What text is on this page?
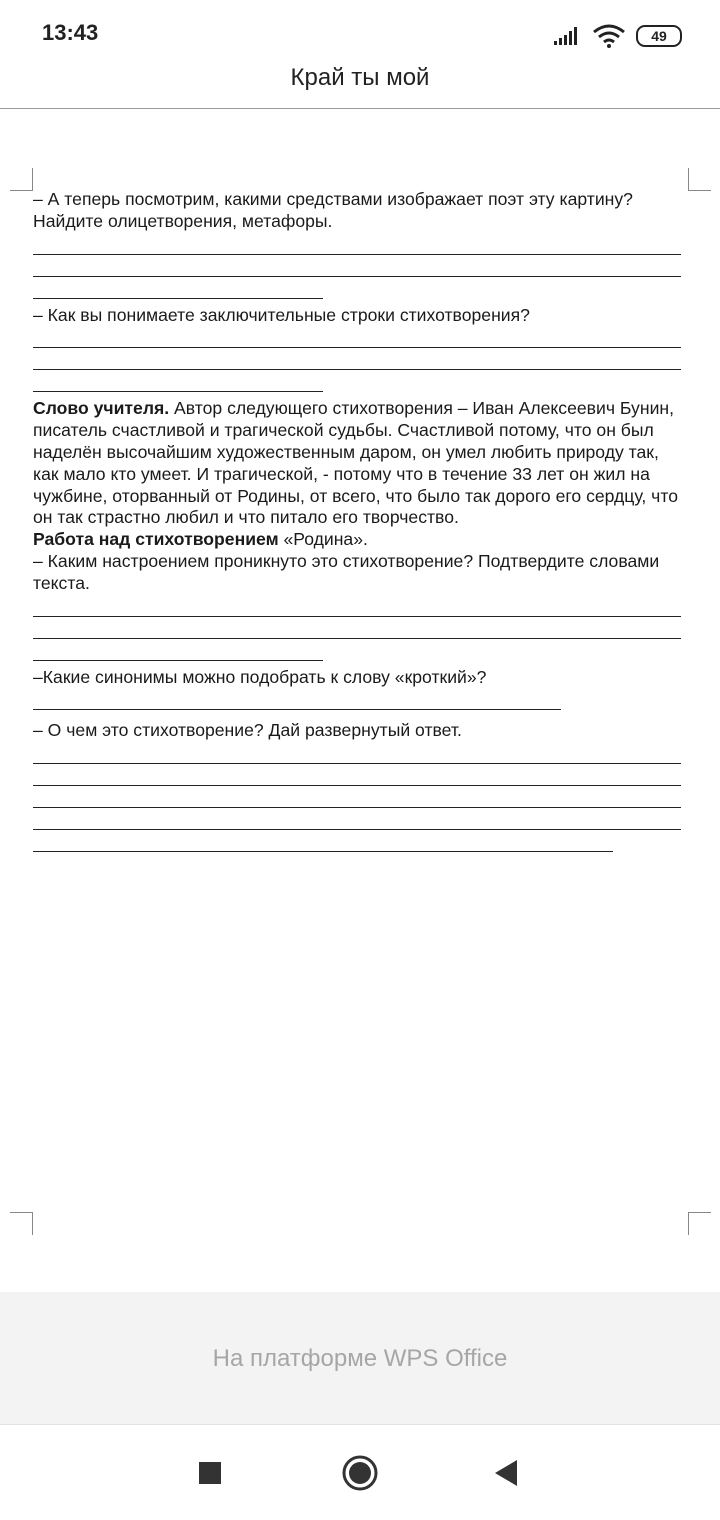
13:43	49
Край ты мой

– А теперь посмотрим, какими средствами изображает поэт эту картину? Найдите олицетворения, метафоры.

– Как вы понимаете заключительные строки стихотворения?

Слово учителя. Автор следующего стихотворения – Иван Алексеевич Бунин, писатель счастливой и трагической судьбы. Счастливой потому, что он был наделён высочайшим художественным даром, он умел любить природу так, как мало кто умеет. И трагической, - потому что в течение 33 лет он жил на чужбине, оторванный от Родины, от всего, что было так дорого его сердцу, что он так страстно любил и что питало его творчество.

Работа над стихотворением «Родина».

– Каким настроением проникнуто это стихотворение? Подтвердите словами текста.

–Какие синонимы можно подобрать к слову «кроткий»?

– О чем это стихотворение? Дай развернутый ответ.

На платформе WPS Office
